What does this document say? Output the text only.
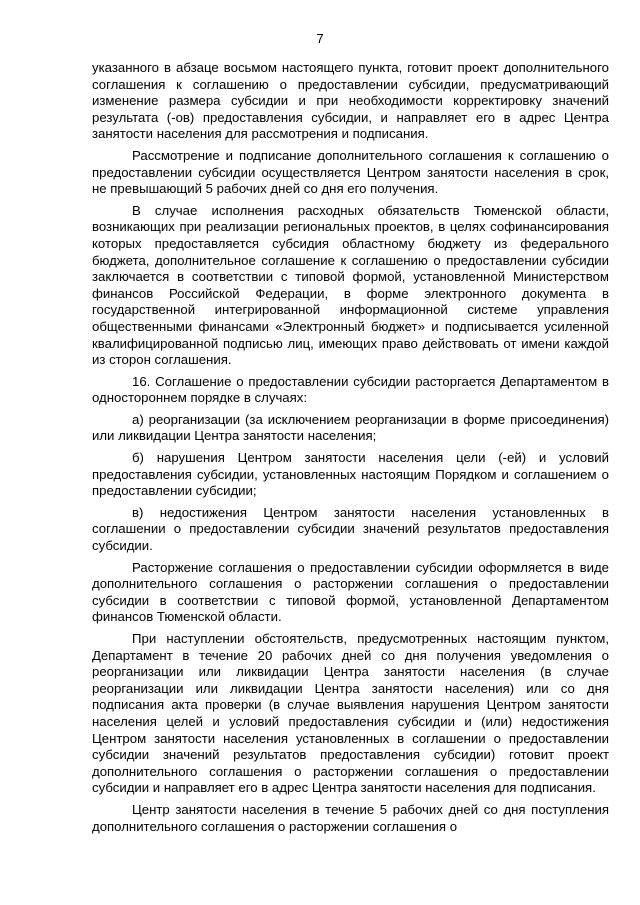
7

указанного в абзаце восьмом настоящего пункта, готовит проект дополнительного соглашения к соглашению о предоставлении субсидии, предусматривающий изменение размера субсидии и при необходимости корректировку значений результата (-ов) предоставления субсидии, и направляет его в адрес Центра занятости населения для рассмотрения и подписания.

Рассмотрение и подписание дополнительного соглашения к соглашению о предоставлении субсидии осуществляется Центром занятости населения в срок, не превышающий 5 рабочих дней со дня его получения.

В случае исполнения расходных обязательств Тюменской области, возникающих при реализации региональных проектов, в целях софинансирования которых предоставляется субсидия областному бюджету из федерального бюджета, дополнительное соглашение к соглашению о предоставлении субсидии заключается в соответствии с типовой формой, установленной Министерством финансов Российской Федерации, в форме электронного документа в государственной интегрированной информационной системе управления общественными финансами «Электронный бюджет» и подписывается усиленной квалифицированной подписью лиц, имеющих право действовать от имени каждой из сторон соглашения.

16. Соглашение о предоставлении субсидии расторгается Департаментом в одностороннем порядке в случаях:

а) реорганизации (за исключением реорганизации в форме присоединения) или ликвидации Центра занятости населения;

б) нарушения Центром занятости населения цели (-ей) и условий предоставления субсидии, установленных настоящим Порядком и соглашением о предоставлении субсидии;

в) недостижения Центром занятости населения установленных в соглашении о предоставлении субсидии значений результатов предоставления субсидии.

Расторжение соглашения о предоставлении субсидии оформляется в виде дополнительного соглашения о расторжении соглашения о предоставлении субсидии в соответствии с типовой формой, установленной Департаментом финансов Тюменской области.

При наступлении обстоятельств, предусмотренных настоящим пунктом, Департамент в течение 20 рабочих дней со дня получения уведомления о реорганизации или ликвидации Центра занятости населения (в случае реорганизации или ликвидации Центра занятости населения) или со дня подписания акта проверки (в случае выявления нарушения Центром занятости населения целей и условий предоставления субсидии и (или) недостижения Центром занятости населения установленных в соглашении о предоставлении субсидии значений результатов предоставления субсидии) готовит проект дополнительного соглашения о расторжении соглашения о предоставлении субсидии и направляет его в адрес Центра занятости населения для подписания.

Центр занятости населения в течение 5 рабочих дней со дня поступления дополнительного соглашения о расторжении соглашения о
